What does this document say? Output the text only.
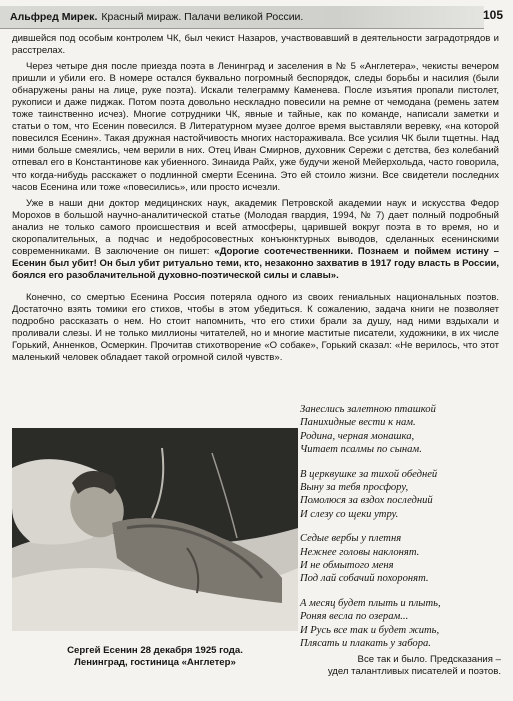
Альфред Мирек. Красный мираж. Палачи великой России.	105

дившейся под особым контролем ЧК, был чекист Назаров, участвовавший в деятельности заградотрядов и расстрелах.

Через четыре дня после приезда поэта в Ленинград и заселения в № 5 «Англетера», чекисты вечером пришли и убили его. В номере остался буквально погромный беспорядок, следы борьбы и насилия (были обнаружены раны на лице, руке поэта). Искали телеграмму Каменева. После изъятия пропали пистолет, рукописи и даже пиджак. Потом поэта довольно нескладно повесили на ремне от чемодана (ремень затем тоже таинственно исчез). Многие сотрудники ЧК, явные и тайные, как по команде, написали заметки и статьи о том, что Есенин повесился. В Литературном музее долгое время выставляли веревку, «на которой повесился Есенин». Такая дружная настойчивость многих настораживала. Все усилия ЧК были тщетны. Над ними больше смеялись, чем верили в них. Отец Иван Смирнов, духовник Сережи с детства, без колебаний отпевал его в Константинове как убиенного. Зинаида Райх, уже будучи женой Мейерхольда, часто говорила, что когда-нибудь расскажет о подлинной смерти Есенина. Это ей стоило жизни. Все свидетели последних часов Есенина или тоже «повесились», или просто исчезли.

Уже в наши дни доктор медицинских наук, академик Петровской академии наук и искусства Федор Морохов в большой научно-аналитической статье (Молодая гвардия, 1994, № 7) дает полный подробный анализ не только самого происшествия и всей атмосферы, царившей вокруг поэта в то время, но и скоропалительных, а подчас и недобросовестных конъюнктурных выводов, сделанных есенинскими современниками. В заключение он пишет: «Дорогие соотечественники. Познаем и поймем истину – Есенин был убит! Он был убит ритуально теми, кто, незаконно захватив в 1917 году власть в России, боялся его разоблачительной духовно-поэтической силы и славы».

Конечно, со смертью Есенина Россия потеряла одного из своих гениальных национальных поэтов. Достаточно взять томики его стихов, чтобы в этом убедиться. К сожалению, задача книги не позволяет подробно рассказать о нем. Но стоит напомнить, что его стихи брали за душу, над ними вздыхали и проливали слезы. И не только миллионы читателей, но и многие маститые писатели, художники, в их числе Горький, Анненков, Осмеркин. Прочитав стихотворение «О собаке», Горький сказал: «Не верилось, что этот маленький человек обладает такой огромной силой чувств».

Сергей Есенин 28 декабря 1925 года.
Ленинград, гостиница «Англетер»
Занеслись залетною пташкой
Панихидные вести к нам.
Родина, черная монашка,
Читает псалмы по сынам.
В церквушке за тихой обедней
Выну за тебя просфору,
Помолюся за вздох последний
И слезу со щеки утру.
Седые вербы у плетня
Нежнее головы наклонят.
И не обмытого меня
Под лай собачий похоронят.
А месяц будет плыть и плыть,
Роняя весла по озерам...
И Русь все так и будет жить,
Плясать и плакать у забора.
Все так и было. Предсказания –
удел талантливых писателей и поэтов.
